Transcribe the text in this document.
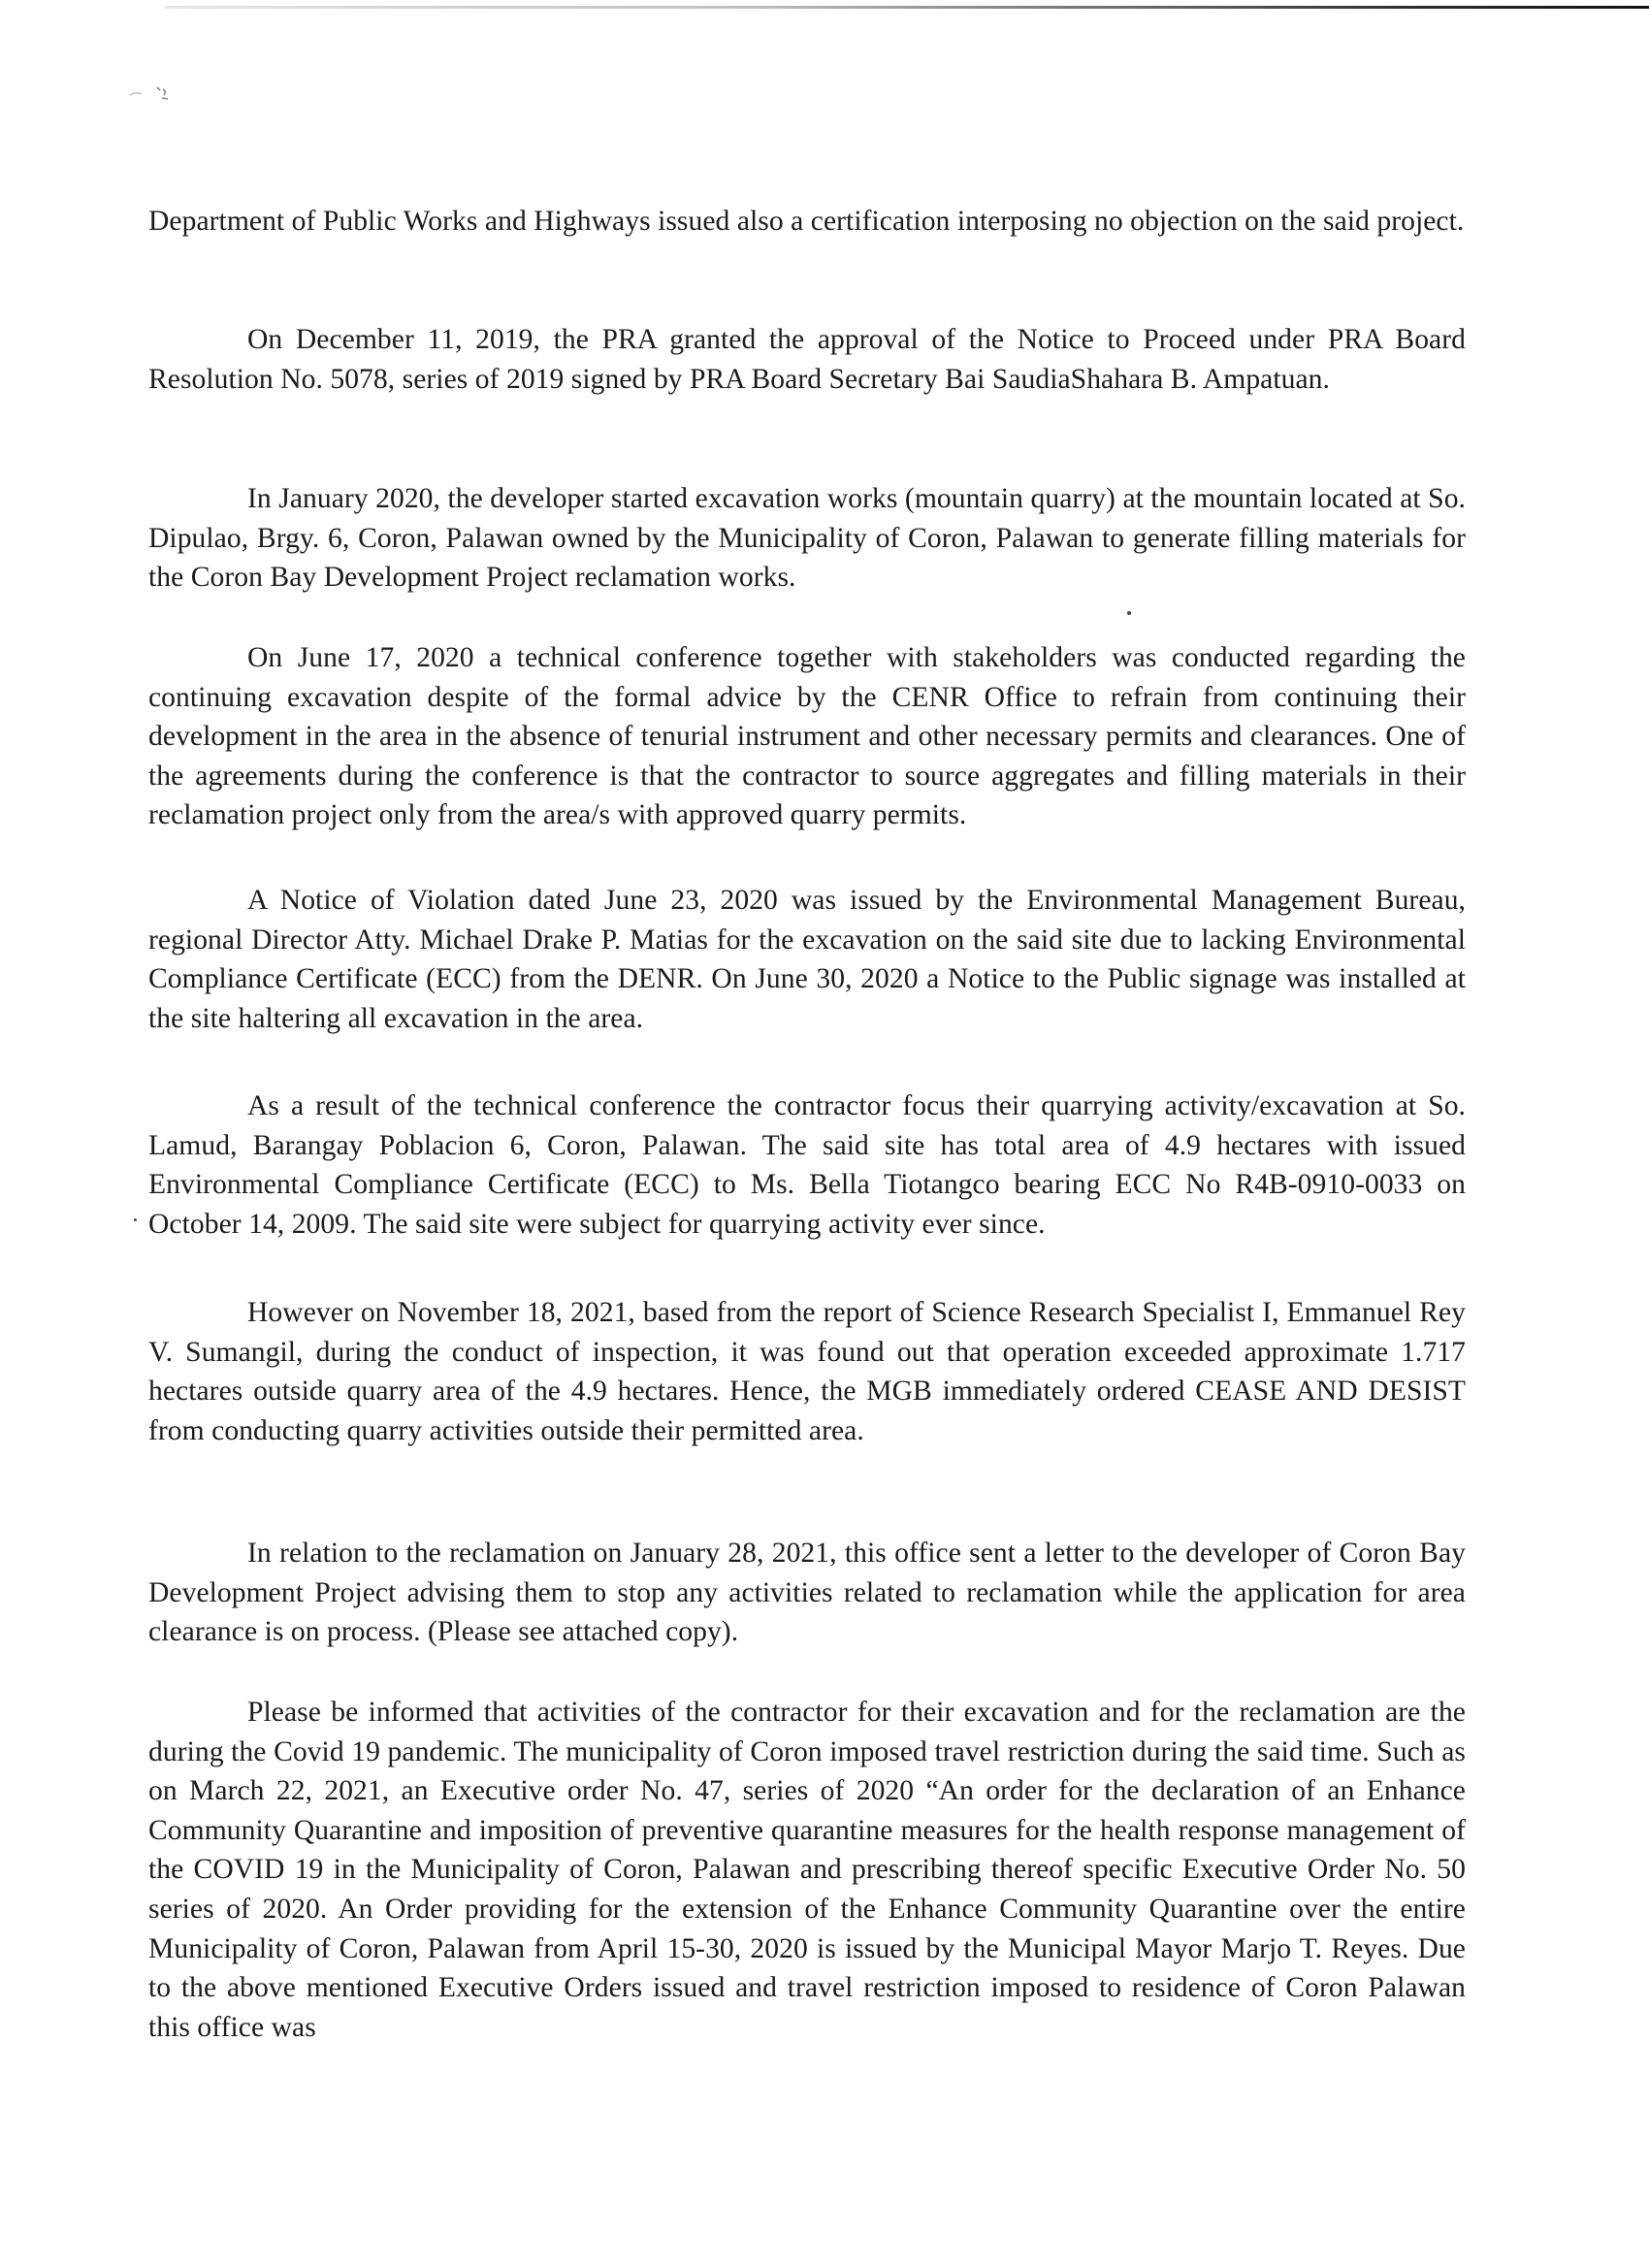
Department of Public Works and Highways issued also a certification interposing no objection on the said project.

On December 11, 2019, the PRA granted the approval of the Notice to Proceed under PRA Board Resolution No. 5078, series of 2019 signed by PRA Board Secretary Bai SaudiaShahara B. Ampatuan.

In January 2020, the developer started excavation works (mountain quarry) at the mountain located at So. Dipulao, Brgy. 6, Coron, Palawan owned by the Municipality of Coron, Palawan to generate filling materials for the Coron Bay Development Project reclamation works.

On June 17, 2020 a technical conference together with stakeholders was conducted regarding the continuing excavation despite of the formal advice by the CENR Office to refrain from continuing their development in the area in the absence of tenurial instrument and other necessary permits and clearances. One of the agreements during the conference is that the contractor to source aggregates and filling materials in their reclamation project only from the area/s with approved quarry permits.

A Notice of Violation dated June 23, 2020 was issued by the Environmental Management Bureau, regional Director Atty. Michael Drake P. Matias for the excavation on the said site due to lacking Environmental Compliance Certificate (ECC) from the DENR. On June 30, 2020 a Notice to the Public signage was installed at the site haltering all excavation in the area.

As a result of the technical conference the contractor focus their quarrying activity/excavation at So. Lamud, Barangay Poblacion 6, Coron, Palawan. The said site has total area of 4.9 hectares with issued Environmental Compliance Certificate (ECC) to Ms. Bella Tiotangco bearing ECC No R4B-0910-0033 on October 14, 2009. The said site were subject for quarrying activity ever since.

However on November 18, 2021, based from the report of Science Research Specialist I, Emmanuel Rey V. Sumangil, during the conduct of inspection, it was found out that operation exceeded approximate 1.717 hectares outside quarry area of the 4.9 hectares. Hence, the MGB immediately ordered CEASE AND DESIST from conducting quarry activities outside their permitted area.

In relation to the reclamation on January 28, 2021, this office sent a letter to the developer of Coron Bay Development Project advising them to stop any activities related to reclamation while the application for area clearance is on process. (Please see attached copy).

Please be informed that activities of the contractor for their excavation and for the reclamation are the during the Covid 19 pandemic. The municipality of Coron imposed travel restriction during the said time. Such as on March 22, 2021, an Executive order No. 47, series of 2020 “An order for the declaration of an Enhance Community Quarantine and imposition of preventive quarantine measures for the health response management of the COVID 19 in the Municipality of Coron, Palawan and prescribing thereof specific Executive Order No. 50 series of 2020. An Order providing for the extension of the Enhance Community Quarantine over the entire Municipality of Coron, Palawan from April 15-30, 2020 is issued by the Municipal Mayor Marjo T. Reyes. Due to the above mentioned Executive Orders issued and travel restriction imposed to residence of Coron Palawan this office was
